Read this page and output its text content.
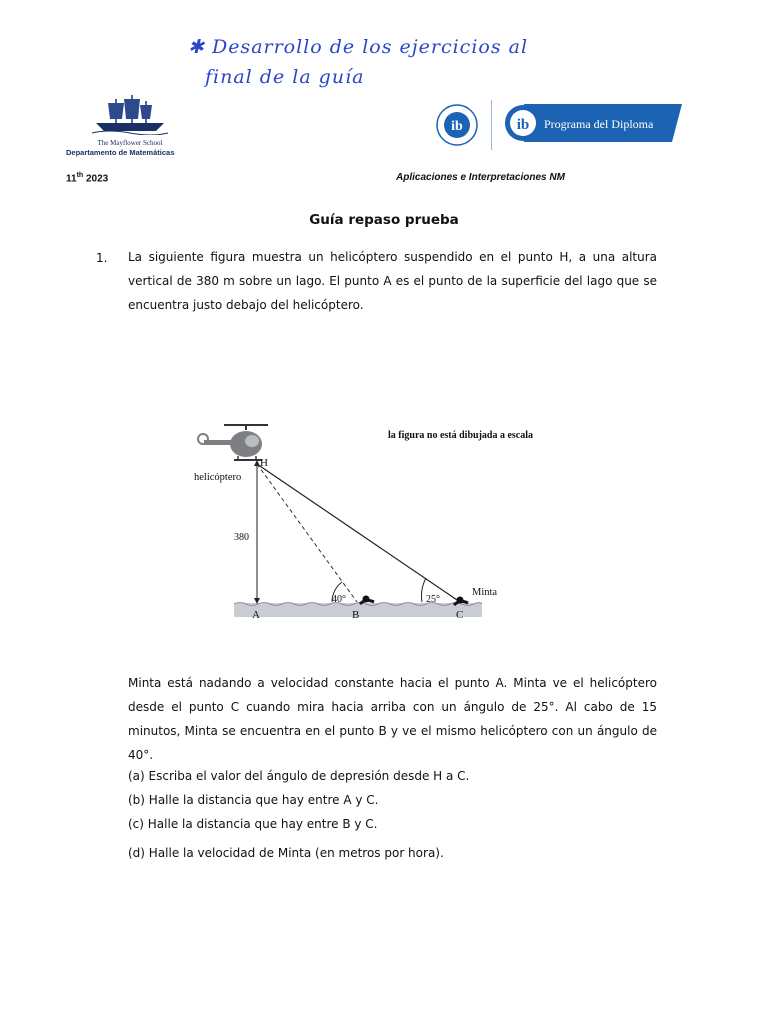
✱ Desarrollo de los ejercicios al
final de la guía
The Mayflower School
Departamento de Matemáticas
ib	ib Programa del Diploma
11th 2023	Aplicaciones e Interpretaciones NM
Guía repaso prueba
1. La siguiente figura muestra un helicóptero suspendido en el punto H, a una altura vertical de 380 m sobre un lago. El punto A es el punto de la superficie del lago que se encuentra justo debajo del helicóptero.
H
helicóptero
380
A	B	C
40°	25°
Minta
la figura no está dibujada a escala
Minta está nadando a velocidad constante hacia el punto A. Minta ve el helicóptero desde el punto C cuando mira hacia arriba con un ángulo de 25°. Al cabo de 15 minutos, Minta se encuentra en el punto B y ve el mismo helicóptero con un ángulo de 40°.
(a) Escriba el valor del ángulo de depresión desde H a C.
(b) Halle la distancia que hay entre A y C.
(c) Halle la distancia que hay entre B y C.
(d) Halle la velocidad de Minta (en metros por hora).
